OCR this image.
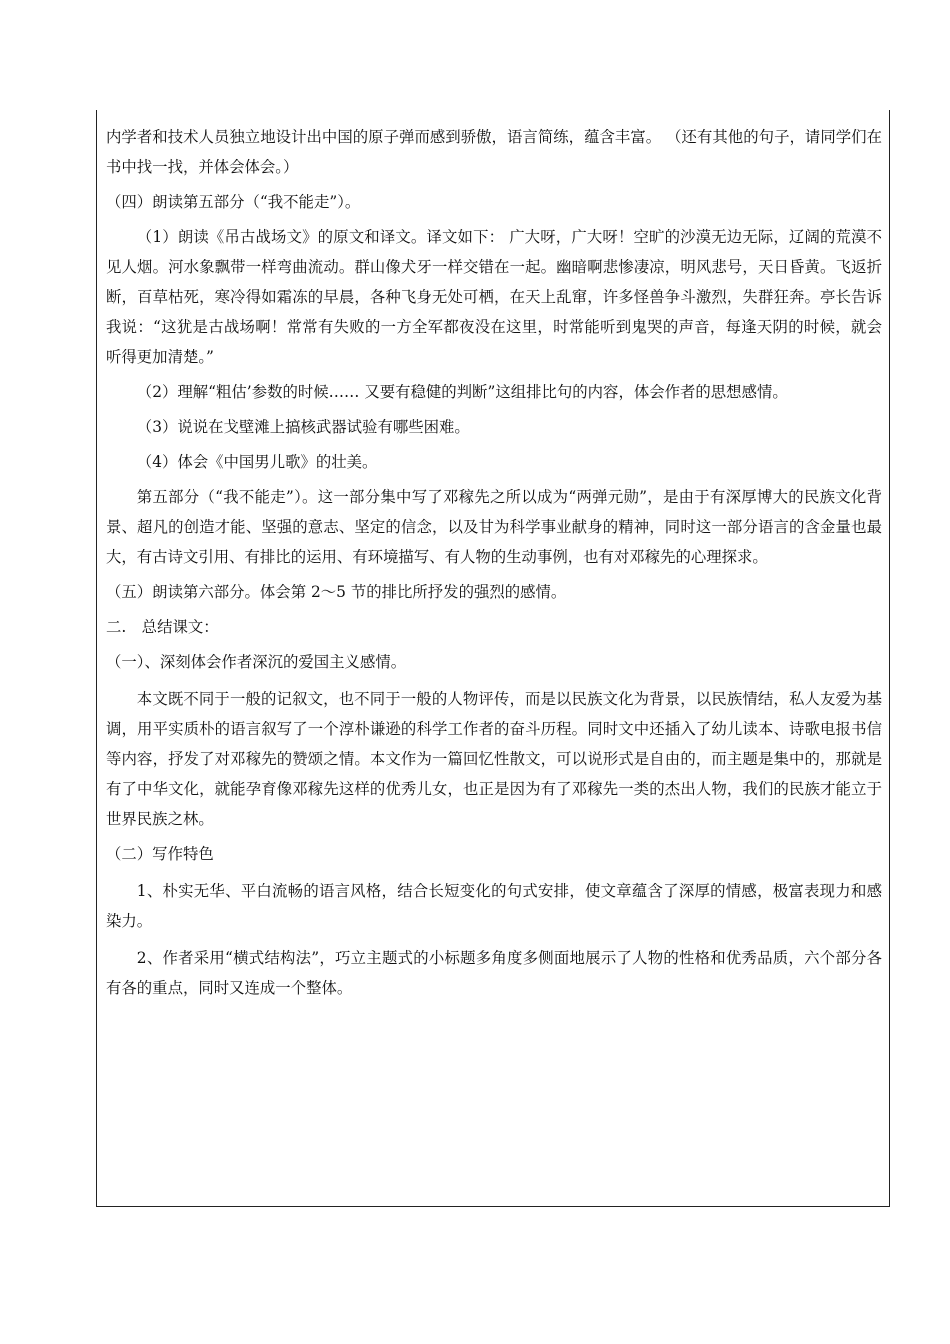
内学者和技术人员独立地设计出中国的原子弹而感到骄傲，语言简练，蕴含丰富。 （还有其他的句子，请同学们在书中找一找，并体会体会。）

（四）朗读第五部分（“我不能走”）。

（1）朗读《吊古战场文》的原文和译文。译文如下： 广大呀，广大呀！空旷的沙漠无边无际，辽阔的荒漠不见人烟。河水象飘带一样弯曲流动。群山像犬牙一样交错在一起。幽暗啊悲惨凄凉，明风悲号，天日昏黄。飞返折断，百草枯死，寒冷得如霜冻的早晨，各种飞身无处可栖，在天上乱窜，许多怪兽争斗激烈，失群狂奔。亭长告诉我说：“这犹是古战场啊！常常有失败的一方全军都夜没在这里，时常能听到鬼哭的声音，每逢天阴的时候，就会听得更加清楚。”

（2）理解“粗估’参数的时候…… 又要有稳健的判断”这组排比句的内容，体会作者的思想感情。

（3）说说在戈壁滩上搞核武器试验有哪些困难。

（4）体会《中国男儿歌》的壮美。

第五部分（“我不能走”）。这一部分集中写了邓稼先之所以成为“两弹元勋”，是由于有深厚博大的民族文化背景、超凡的创造才能、坚强的意志、坚定的信念，以及甘为科学事业献身的精神，同时这一部分语言的含金量也最大，有古诗文引用、有排比的运用、有环境描写、有人物的生动事例，也有对邓稼先的心理探求。

（五）朗读第六部分。体会第 2～5 节的排比所抒发的强烈的感情。

二.　总结课文：

（一）、深刻体会作者深沉的爱国主义感情。

本文既不同于一般的记叙文，也不同于一般的人物评传，而是以民族文化为背景，以民族情结，私人友爱为基调，用平实质朴的语言叙写了一个淳朴谦逊的科学工作者的奋斗历程。同时文中还插入了幼儿读本、诗歌电报书信等内容，抒发了对邓稼先的赞颂之情。本文作为一篇回忆性散文，可以说形式是自由的，而主题是集中的，那就是有了中华文化，就能孕育像邓稼先这样的优秀儿女，也正是因为有了邓稼先一类的杰出人物，我们的民族才能立于世界民族之林。

（二）写作特色

1、朴实无华、平白流畅的语言风格，结合长短变化的句式安排，使文章蕴含了深厚的情感，极富表现力和感染力。

2、作者采用“横式结构法”，巧立主题式的小标题多角度多侧面地展示了人物的性格和优秀品质，六个部分各有各的重点，同时又连成一个整体。
